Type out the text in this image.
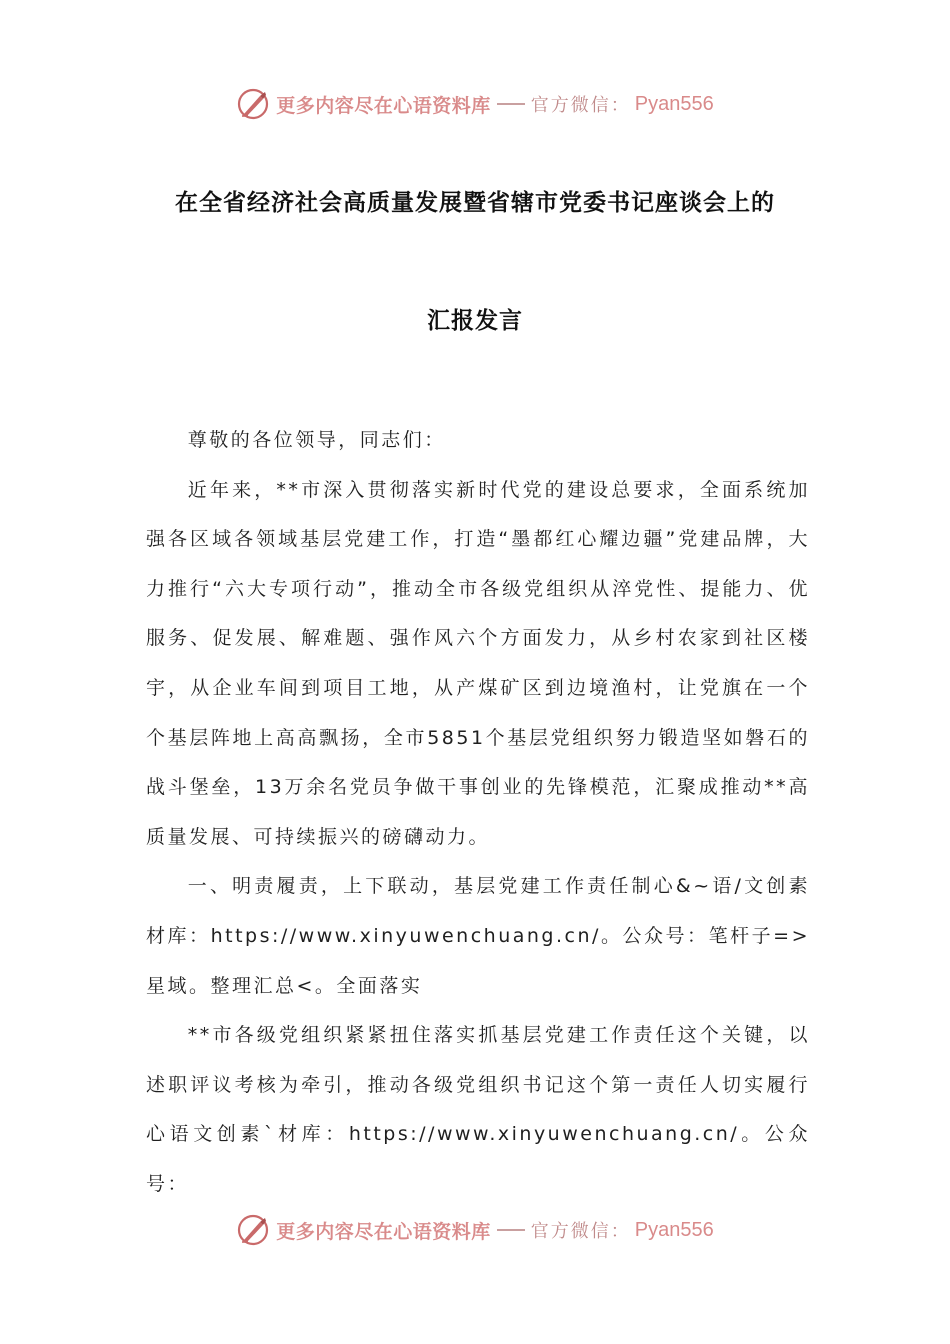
更多内容尽在心语资料库 官方微信： Pyan556
在全省经济社会高质量发展暨省辖市党委书记座谈会上的
汇报发言

尊敬的各位领导，同志们：

近年来，**市深入贯彻落实新时代党的建设总要求，全面系统加强各区域各领域基层党建工作，打造“墨都红心耀边疆”党建品牌，大力推行“六大专项行动”，推动全市各级党组织从淬党性、提能力、优服务、促发展、解难题、强作风六个方面发力，从乡村农家到社区楼宇，从企业车间到项目工地，从产煤矿区到边境渔村，让党旗在一个个基层阵地上高高飘扬，全市5851个基层党组织努力锻造坚如磐石的战斗堡垒，13万余名党员争做干事创业的先锋模范，汇聚成推动**高质量发展、可持续振兴的磅礴动力。

一、明责履责，上下联动，基层党建工作责任制心&~语/文创素材库：https://www.xinyuwenchuang.cn/。公众号：笔杆子=>星域。整理汇总<。全面落实

**市各级党组织紧紧扭住落实抓基层党建工作责任这个关键，以述职评议考核为牵引，推动各级党组织书记这个第一责任人切实履行心语文创素`材库：https://www.xinyuwenchuang.cn/。公众号：

更多内容尽在心语资料库 官方微信： Pyan556
